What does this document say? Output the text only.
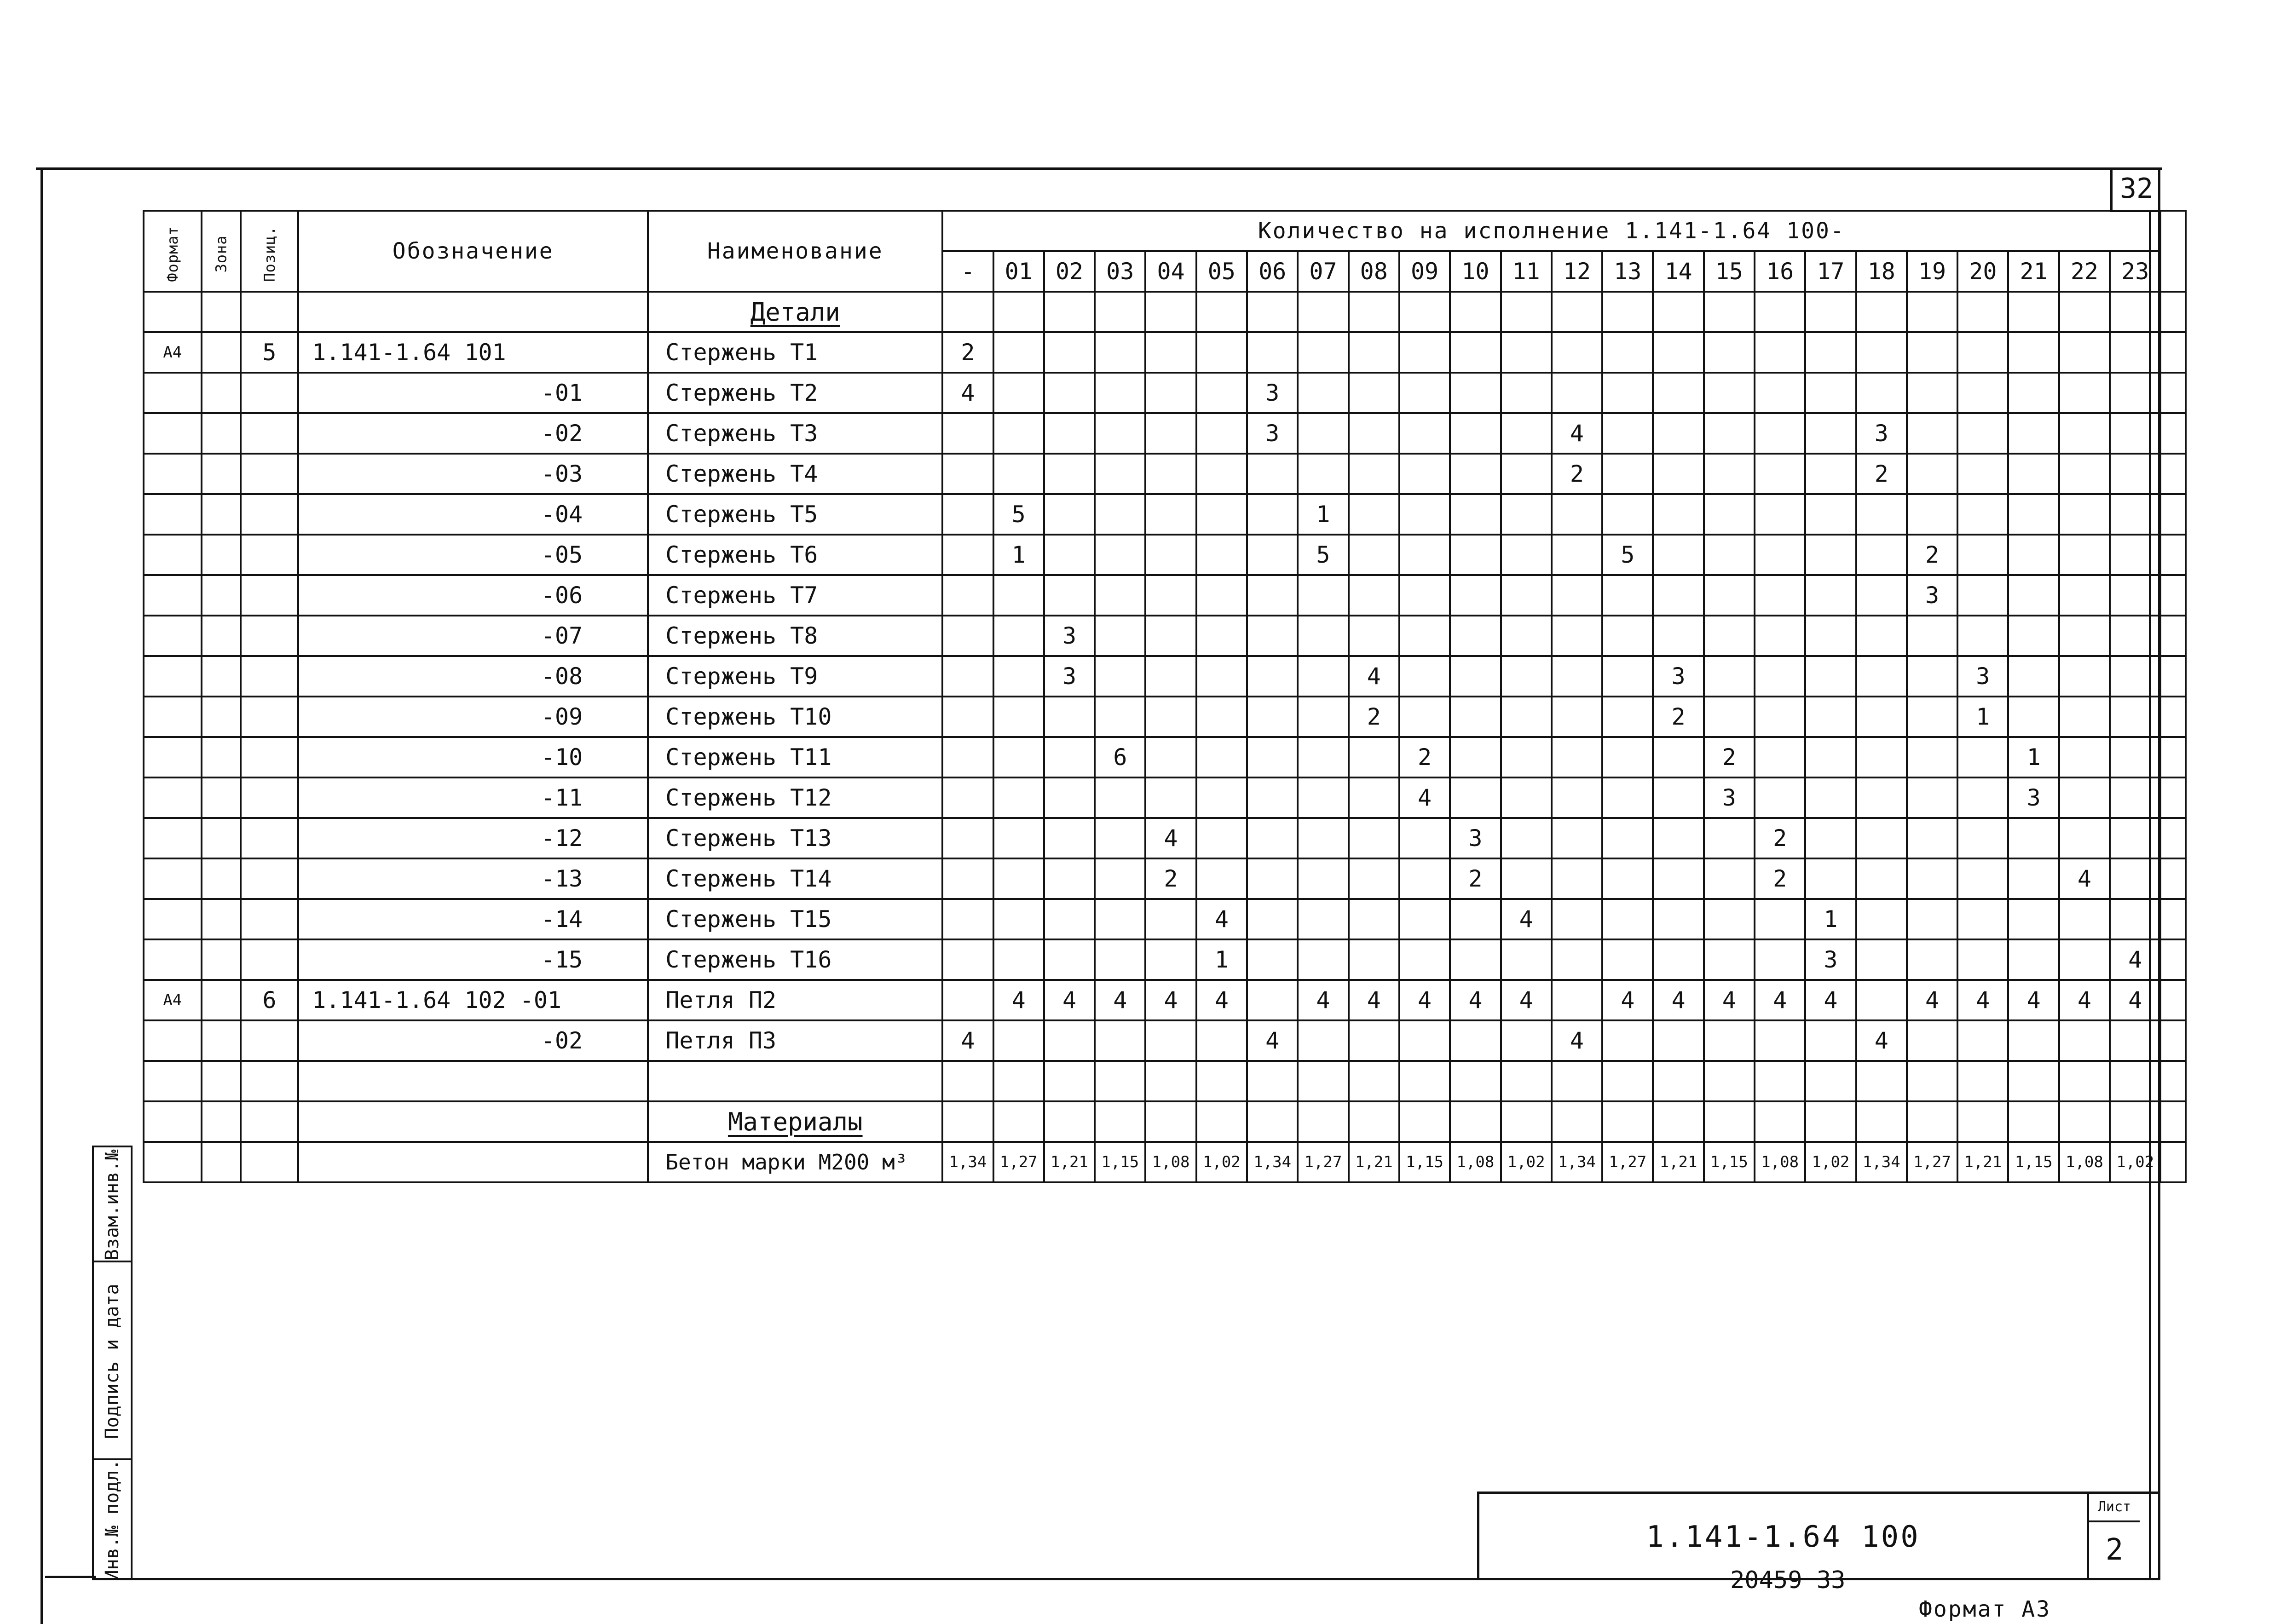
32
Формат	Зона	Позиц.	Обозначение	Наименование	Количество на исполнение 1.141-1.64 100-																								
					-	01	02	03	04	05	06	07	08	09	10	11	12	13	14	15	16	17	18	19	20	21	22	23	
				Детали																									
А4		5	1.141-1.64 101	Стержень Т1	2																								
			-01	Стержень Т2	4						3																		
			-02	Стержень Т3							3						4						3						
			-03	Стержень Т4													2						2						
			-04	Стержень Т5		5						1																	
			-05	Стержень Т6		1						5						5						2					
			-06	Стержень Т7																				3					
			-07	Стержень Т8			3																						
			-08	Стержень Т9			3						4						3						3				
			-09	Стержень Т10									2						2						1				
			-10	Стержень Т11				6						2						2						1			
			-11	Стержень Т12										4						3						3			
			-12	Стержень Т13					4						3						2								
			-13	Стержень Т14					2						2						2						4		
			-14	Стержень Т15						4						4						1							
			-15	Стержень Т16						1												3						4	
А4		6	1.141-1.64 102 -01	Петля П2		4	4	4	4	4		4	4	4	4	4		4	4	4	4	4		4	4	4	4	4	
			-02	Петля П3	4						4						4						4						

				Материалы																									
				Бетон марки М200 м³	1,34	1,27	1,21	1,15	1,08	1,02	1,34	1,27	1,21	1,15	1,08	1,02	1,34	1,27	1,21	1,15	1,08	1,02	1,34	1,27	1,21	1,15	1,08	1,02	
Взам.инв.№
Подпись и дата
Инв.№ подл.	1.141-1.64 100
Лист
2
20459 33
Формат А3
